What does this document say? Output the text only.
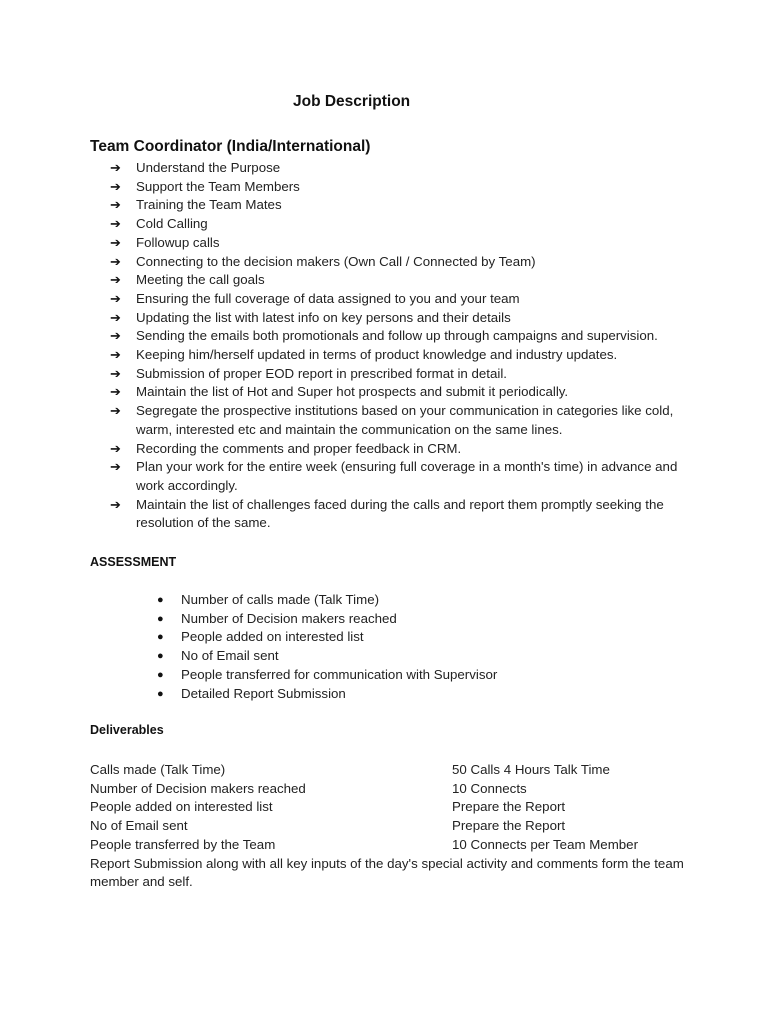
Job Description
Team Coordinator (India/International)
➔ Understand the Purpose
➔ Support the Team Members
➔ Training the Team Mates
➔ Cold Calling
➔ Followup calls
➔ Connecting to the decision makers (Own Call / Connected by Team)
➔ Meeting the call goals
➔ Ensuring the full coverage of data assigned to you and your team
➔ Updating the list with latest info on key persons and their details
➔ Sending the emails both promotionals and follow up through campaigns and supervision.
➔ Keeping him/herself updated in terms of product knowledge and industry updates.
➔ Submission of proper EOD report in prescribed format in detail.
➔ Maintain the list of Hot and Super hot prospects and submit it periodically.
➔ Segregate the prospective institutions based on your communication in categories like cold, warm, interested etc and maintain the communication on the same lines.
➔ Recording the comments and proper feedback in CRM.
➔ Plan your work for the entire week (ensuring full coverage in a month's time) in advance and work accordingly.
➔ Maintain the list of challenges faced during the calls and report them promptly seeking the resolution of the same.
ASSESSMENT
● Number of calls made (Talk Time)
● Number of Decision makers reached
● People added on interested list
● No of Email sent
● People transferred for communication with Supervisor
● Detailed Report Submission
Deliverables
Calls made (Talk Time)	50 Calls 4 Hours Talk Time
Number of Decision makers reached	10 Connects
People added on interested list	Prepare the Report
No of Email sent	Prepare the Report
People transferred by the Team	10 Connects per Team Member
Report Submission along with all key inputs of the day's special activity and comments form the team member and self.
